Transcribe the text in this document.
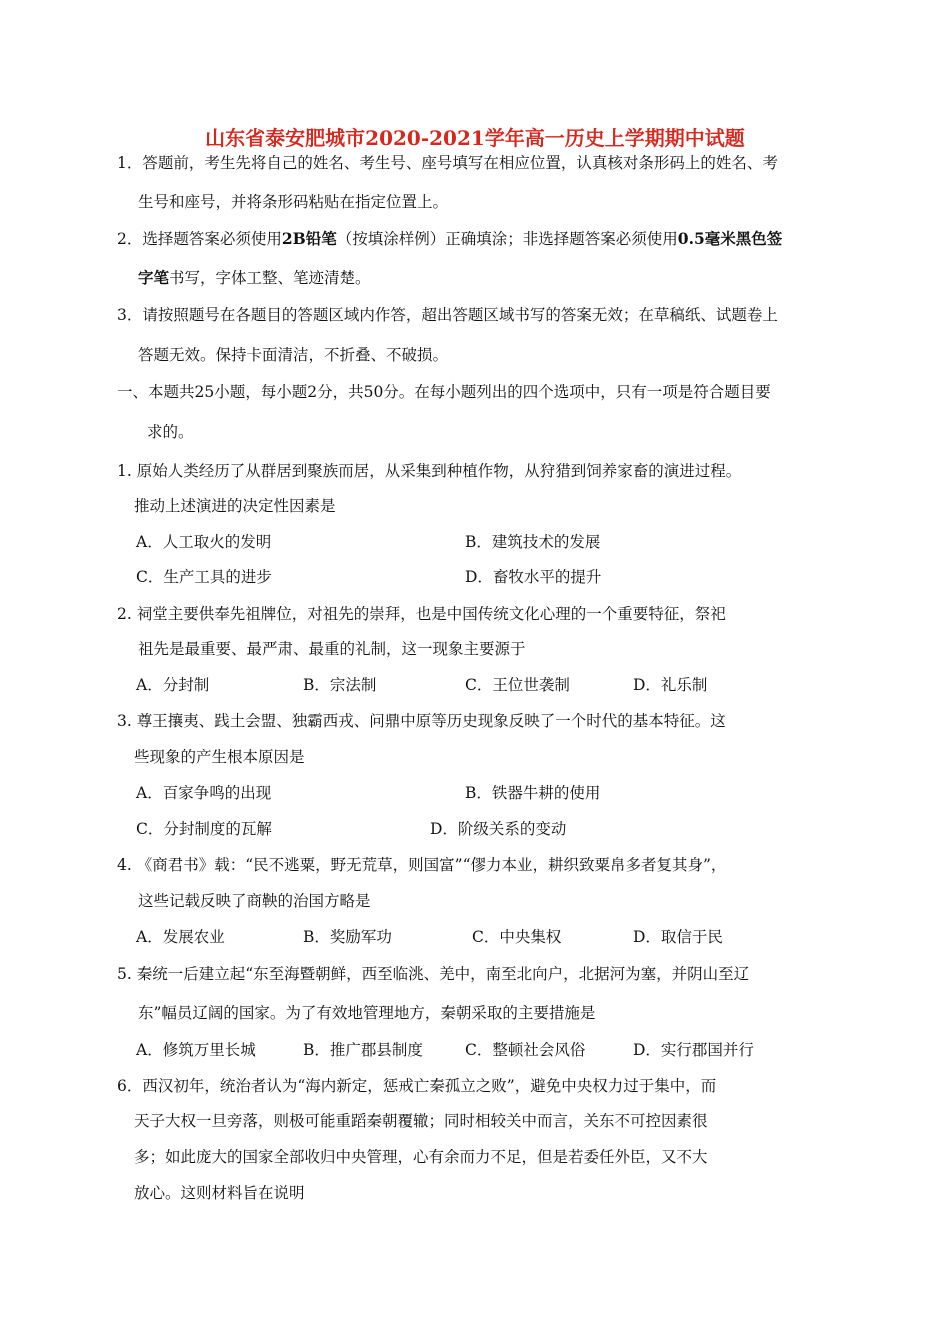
山东省泰安肥城市2020-2021学年高一历史上学期期中试题
1．答题前，考生先将自己的姓名、考生号、座号填写在相应位置，认真核对条形码上的姓名、考
生号和座号，并将条形码粘贴在指定位置上。
2．选择题答案必须使用2B铅笔（按填涂样例）正确填涂；非选择题答案必须使用0.5毫米黑色签
字笔书写，字体工整、笔迹清楚。
3．请按照题号在各题目的答题区域内作答，超出答题区域书写的答案无效；在草稿纸、试题卷上
答题无效。保持卡面清洁，不折叠、不破损。
一、本题共25小题，每小题2分，共50分。在每小题列出的四个选项中，只有一项是符合题目要
求的。
1. 原始人类经历了从群居到聚族而居，从采集到种植作物，从狩猎到饲养家畜的演进过程。
推动上述演进的决定性因素是
A．人工取火的发明	B．建筑技术的发展
C．生产工具的进步	D．畜牧水平的提升
2. 祠堂主要供奉先祖牌位，对祖先的崇拜，也是中国传统文化心理的一个重要特征，祭祀
祖先是最重要、最严肃、最重的礼制，这一现象主要源于
A．分封制	B．宗法制	C．王位世袭制	D．礼乐制
3. 尊王攘夷、践土会盟、独霸西戎、问鼎中原等历史现象反映了一个时代的基本特征。这
些现象的产生根本原因是
A．百家争鸣的出现	B．铁器牛耕的使用
C．分封制度的瓦解	D．阶级关系的变动
4. 《商君书》载：“民不逃粟，野无荒草，则国富”“僇力本业，耕织致粟帛多者复其身”，
这些记载反映了商鞅的治国方略是
A．发展农业	B．奖励军功	C．中央集权	D．取信于民
5. 秦统一后建立起“东至海暨朝鲜，西至临洮、羌中，南至北向户，北据河为塞，并阴山至辽
东”幅员辽阔的国家。为了有效地管理地方，秦朝采取的主要措施是
A．修筑万里长城	B．推广郡县制度	C．整顿社会风俗	D．实行郡国并行
6．西汉初年，统治者认为“海内新定，惩戒亡秦孤立之败”，避免中央权力过于集中，而
天子大权一旦旁落，则极可能重蹈秦朝覆辙；同时相较关中而言，关东不可控因素很
多；如此庞大的国家全部收归中央管理，心有余而力不足，但是若委任外臣，又不大
放心。这则材料旨在说明
